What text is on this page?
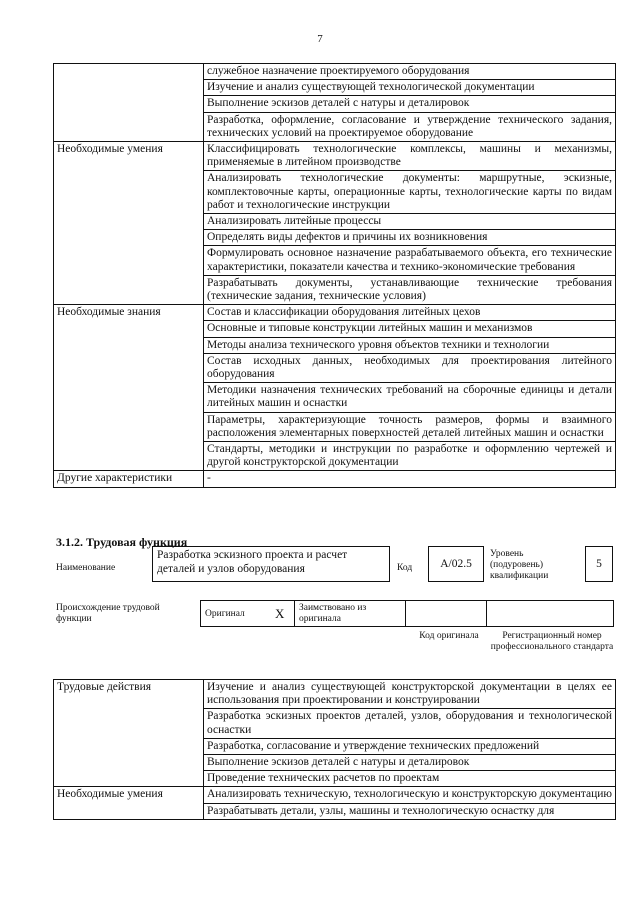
7
	служебное назначение проектируемого оборудования
	Изучение и анализ существующей технологической документации
	Выполнение эскизов деталей с натуры и деталировок
	Разработка, оформление, согласование и утверждение технического задания, технических условий на проектируемое оборудование
Необходимые умения	Классифицировать технологические комплексы, машины и механизмы, применяемые в литейном производстве
	Анализировать технологические документы: маршрутные, эскизные, комплектовочные карты, операционные карты, технологические карты по видам работ и технологические инструкции
	Анализировать литейные процессы
	Определять виды дефектов и причины их возникновения
	Формулировать основное назначение разрабатываемого объекта, его технические характеристики, показатели качества и технико-экономические требования
	Разрабатывать документы, устанавливающие технические требования (технические задания, технические условия)
Необходимые знания	Состав и классификации оборудования литейных цехов
	Основные и типовые конструкции литейных машин и механизмов
	Методы анализа технического уровня объектов техники и технологии
	Состав исходных данных, необходимых для проектирования литейного оборудования
	Методики назначения технических требований на сборочные единицы и детали литейных машин и оснастки
	Параметры, характеризующие точность размеров, формы и взаимного расположения элементарных поверхностей деталей литейных машин и оснастки
	Стандарты, методики и инструкции по разработке и оформлению чертежей и другой конструкторской документации
Другие характеристики	-
3.1.2. Трудовая функция
Наименование
Разработка эскизного проекта и расчет деталей и узлов оборудования	Код	А/02.5
Уровень (подуровень) квалификации
5
Происхождение трудовой функции	Оригинал X Заимствовано из оригинала
Код оригинала	Регистрационный номер профессионального стандарта
Трудовые действия	Изучение и анализ существующей конструкторской документации в целях ее использования при проектировании и конструировании
	Разработка эскизных проектов деталей, узлов, оборудования и технологической оснастки
	Разработка, согласование и утверждение технических предложений
	Выполнение эскизов деталей с натуры и деталировок
	Проведение технических расчетов по проектам
Необходимые умения	Анализировать техническую, технологическую и конструкторскую документацию
	Разрабатывать детали, узлы, машины и технологическую оснастку для
